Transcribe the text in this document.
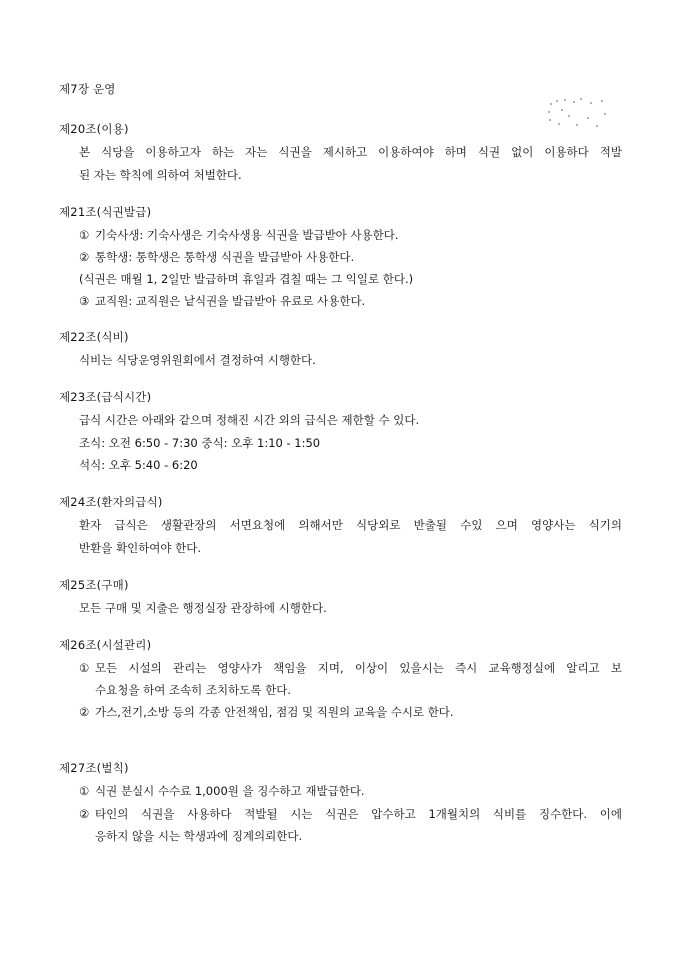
제7장 운영
제20조(이용)
본 식당을 이용하고자 하는 자는 식권을 제시하고 이용하여야 하며 식권 없이 이용하다 적발
된 자는 학칙에 의하여 처벌한다.
제21조(식권발급)
① 기숙사생: 기숙사생은 기숙사생용 식권을 발급받아 사용한다.
② 통학생: 통학생은 통학생 식권을 발급받아 사용한다.
(식권은 매월 1, 2일만 발급하며 휴일과 겹칠 때는 그 익일로 한다.)
③ 교직원: 교직원은 낱식권을 발급받아 유료로 사용한다.
제22조(식비)
식비는 식당운영위원회에서 결정하여 시행한다.
제23조(급식시간)
급식 시간은 아래와 같으며 정해진 시간 외의 급식은 제한할 수 있다.
조식: 오전 6:50 - 7:30 중식: 오후 1:10 - 1:50
석식: 오후 5:40 - 6:20
제24조(환자의급식)
환자 급식은 생활관장의 서면요청에 의해서만 식당외로 반출될 수있 으며 영양사는 식기의
반환을 확인하여야 한다.
제25조(구매)
모든 구매 및 지출은 행정실장 관장하에 시행한다.
제26조(시설관리)
① 모든 시설의 관리는 영양사가 책임을 지며, 이상이 있을시는 즉시 교육행정실에 알리고 보
수요청을 하여 조속히 조치하도록 한다.
② 가스,전기,소방 등의 각종 안전책임, 점검 및 직원의 교육을 수시로 한다.
제27조(벌칙)
① 식권 분실시 수수료 1,000원 을 징수하고 재발급한다.
② 타인의 식권을 사용하다 적발될 시는 식권은 압수하고 1개월치의 식비를 징수한다. 이에
응하지 않을 시는 학생과에 징계의뢰한다.
